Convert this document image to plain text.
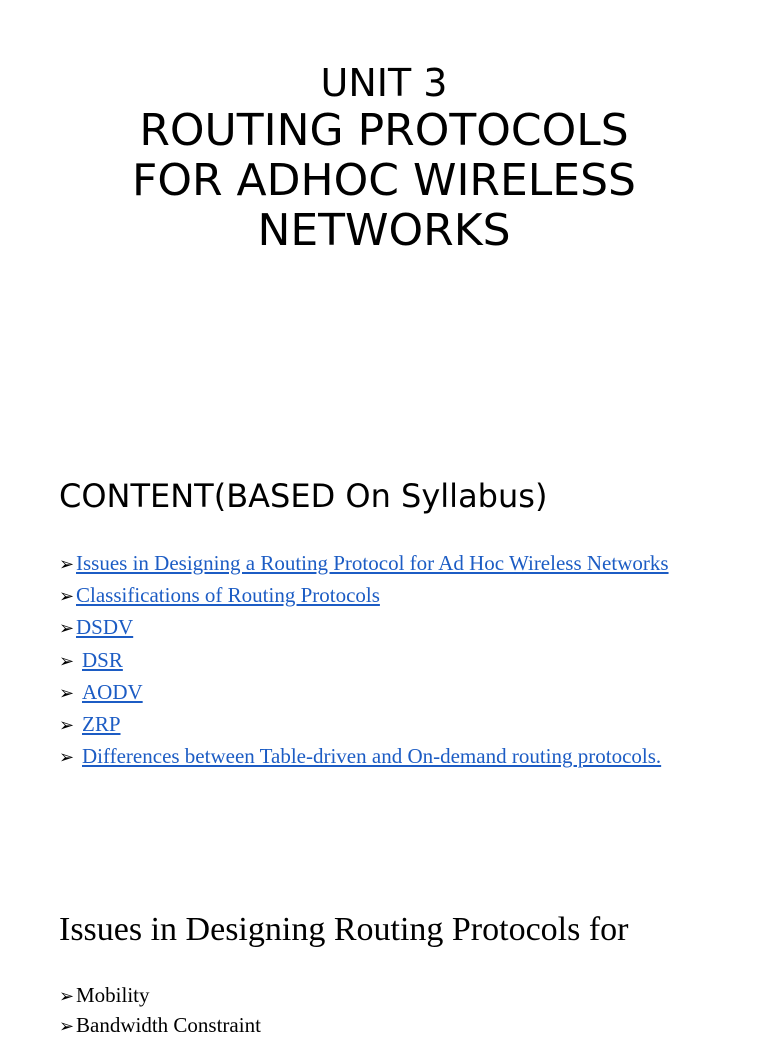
UNIT 3
ROUTING PROTOCOLS
FOR ADHOC WIRELESS
NETWORKS
CONTENT(BASED On Syllabus)
➢ Issues in Designing a Routing Protocol for Ad Hoc Wireless Networks
➢ Classifications of Routing Protocols
➢ DSDV
➢ DSR
➢ AODV
➢ ZRP
➢ Differences between Table-driven and On-demand routing protocols.
Issues in Designing Routing Protocols for
➢ Mobility
➢ Bandwidth Constraint
